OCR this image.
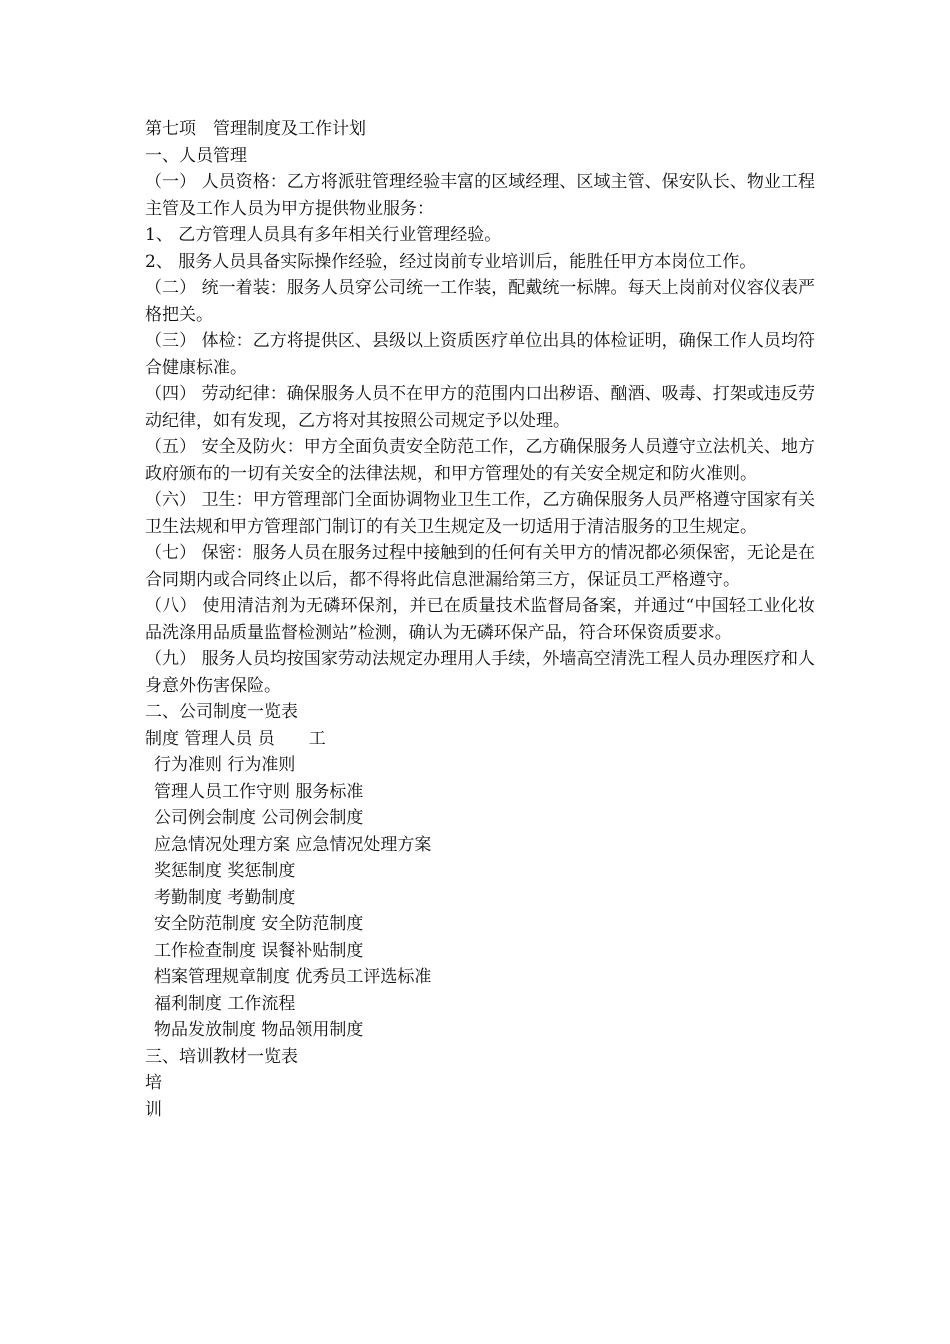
第七项　管理制度及工作计划
一、人员管理
（一） 人员资格：乙方将派驻管理经验丰富的区域经理、区域主管、保安队长、物业工程主管及工作人员为甲方提供物业服务：
1、 乙方管理人员具有多年相关行业管理经验。
2、 服务人员具备实际操作经验，经过岗前专业培训后，能胜任甲方本岗位工作。
（二） 统一着装：服务人员穿公司统一工作装，配戴统一标牌。每天上岗前对仪容仪表严格把关。
（三） 体检：乙方将提供区、县级以上资质医疗单位出具的体检证明，确保工作人员均符合健康标准。
（四） 劳动纪律：确保服务人员不在甲方的范围内口出秽语、酗酒、吸毒、打架或违反劳动纪律，如有发现，乙方将对其按照公司规定予以处理。
（五） 安全及防火：甲方全面负责安全防范工作，乙方确保服务人员遵守立法机关、地方政府颁布的一切有关安全的法律法规，和甲方管理处的有关安全规定和防火准则。
（六） 卫生：甲方管理部门全面协调物业卫生工作，乙方确保服务人员严格遵守国家有关卫生法规和甲方管理部门制订的有关卫生规定及一切适用于清洁服务的卫生规定。
（七） 保密：服务人员在服务过程中接触到的任何有关甲方的情况都必须保密，无论是在合同期内或合同终止以后，都不得将此信息泄漏给第三方，保证员工严格遵守。
（八） 使用清洁剂为无磷环保剂，并已在质量技术监督局备案，并通过“中国轻工业化妆品洗涤用品质量监督检测站”检测，确认为无磷环保产品，符合环保资质要求。
（九） 服务人员均按国家劳动法规定办理用人手续，外墙高空清洗工程人员办理医疗和人身意外伤害保险。
二、公司制度一览表
制度 管理人员 员　　工
行为准则 行为准则
管理人员工作守则 服务标准
公司例会制度 公司例会制度
应急情况处理方案 应急情况处理方案
奖惩制度 奖惩制度
考勤制度 考勤制度
安全防范制度 安全防范制度
工作检查制度 误餐补贴制度
档案管理规章制度 优秀员工评选标准
福利制度 工作流程
物品发放制度 物品领用制度
三、培训教材一览表
培
训
